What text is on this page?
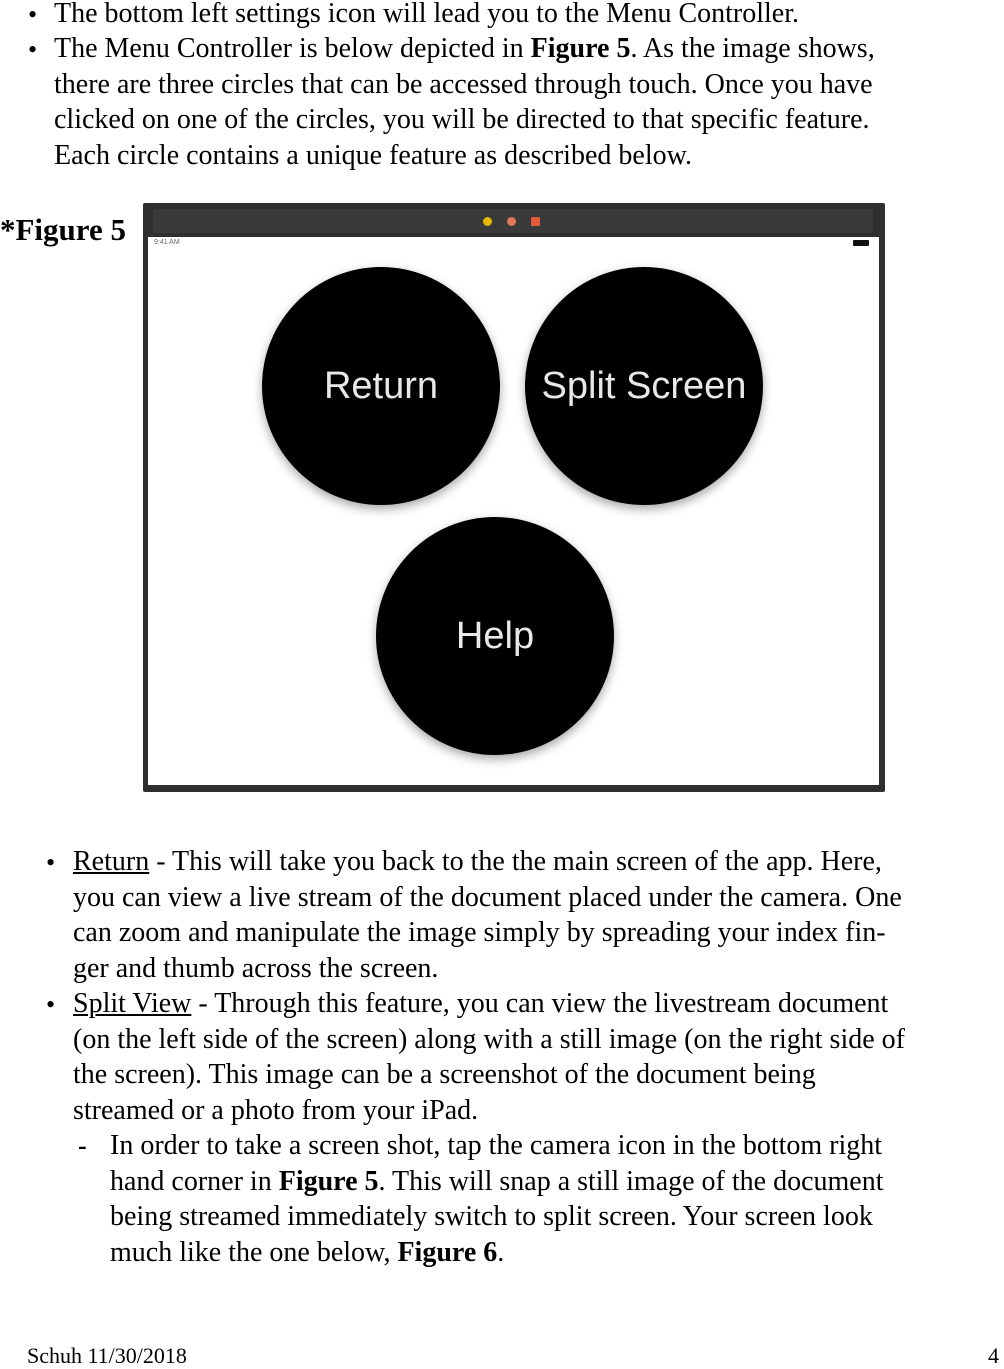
• The bottom left settings icon will lead you to the Menu Controller.
• The Menu Controller is below depicted in Figure 5. As the image shows,
there are three circles that can be accessed through touch. Once you have
clicked on one of the circles, you will be directed to that specific feature.
Each circle contains a unique feature as described below.
*Figure 5	9:41 AM
Return	Split Screen
Help
• Return - This will take you back to the the main screen of the app. Here,
you can view a live stream of the document placed under the camera. One
can zoom and manipulate the image simply by spreading your index fin-
ger and thumb across the screen.
• Split View - Through this feature, you can view the livestream document
(on the left side of the screen) along with a still image (on the right side of
the screen). This image can be a screenshot of the document being
streamed or a photo from your iPad.
- In order to take a screen shot, tap the camera icon in the bottom right
hand corner in Figure 5. This will snap a still image of the document
being streamed immediately switch to split screen. Your screen look
much like the one below, Figure 6.
Schuh 11/30/2018	4
